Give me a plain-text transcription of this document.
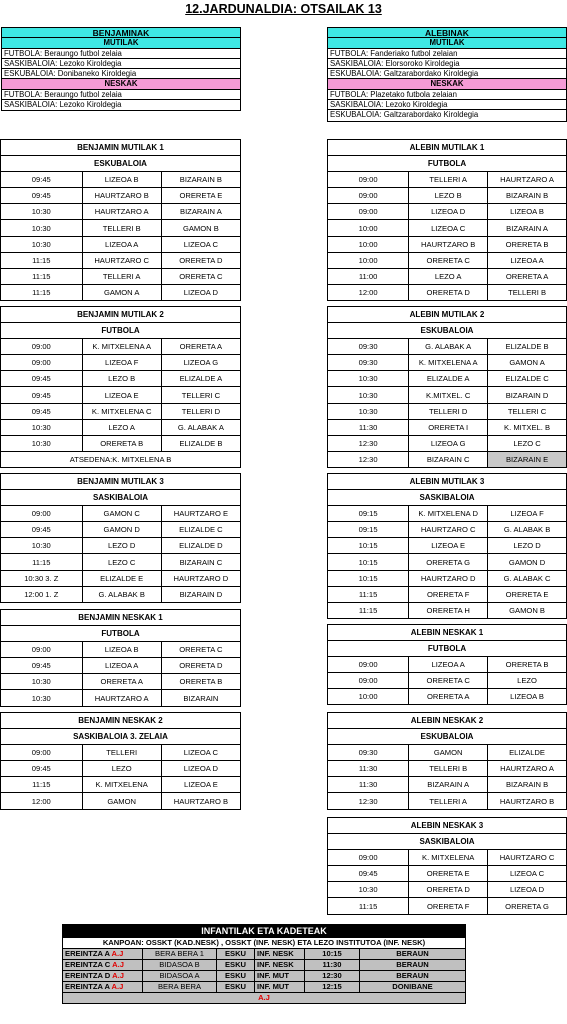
12.JARDUNALDIA: OTSAILAK 13
BENJAMINAK
MUTILAK
FUTBOLA: Beraungo futbol zelaia
SASKIBALOIA: Lezoko Kiroldegia
ESKUBALOIA: Donibaneko Kiroldegia
NESKAK
FUTBOLA: Beraungo futbol zelaia
SASKIBALOIA: Lezoko Kiroldegia
ALEBINAK
MUTILAK
FUTBOLA: Fanderiako futbol zelaian
SASKIBALOIA: Elorsoroko Kiroldegia
ESKUBALOIA: Galtzarabordako Kiroldegia
NESKAK
FUTBOLA: Plazetako futbola zelaian
SASKIBALOIA: Lezoko Kiroldegia
ESKUBALOIA: Galtzarabordako Kiroldegia
BENJAMIN MUTILAK 1		
ESKUBALOIA		
09:45	LIZEOA B	BIZARAIN B
09:45	HAURTZARO B	ORERETA E
10:30	HAURTZARO A	BIZARAIN A
10:30	TELLERI B	GAMON B
10:30	LIZEOA A	LIZEOA C
11:15	HAURTZARO C	ORERETA D
11:15	TELLERI A	ORERETA C
11:15	GAMON A	LIZEOA D
ALEBIN MUTILAK 1		
FUTBOLA		
09:00	TELLERI A	HAURTZARO A
09:00	LEZO B	BIZARAIN B
09:00	LIZEOA D	LIZEOA B
10:00	LIZEOA C	BIZARAIN A
10:00	HAURTZARO B	ORERETA B
10:00	ORERETA C	LIZEOA A
11:00	LEZO A	ORERETA A
12:00	ORERETA D	TELLERI B
BENJAMIN MUTILAK 2		
FUTBOLA		
09:00	K. MITXELENA A	ORERETA A
09:00	LIZEOA F	LIZEOA G
09:45	LEZO B	ELIZALDE A
09:45	LIZEOA E	TELLERI C
09:45	K. MITXELENA C	TELLERI D
10:30	LEZO A	G. ALABAK A
10:30	ORERETA B	ELIZALDE B
ATSEDENA:K. MITXELENA B		
ALEBIN MUTILAK 2		
ESKUBALOIA		
09:30	G. ALABAK A	ELIZALDE B
09:30	K. MITXELENA A	GAMON A
10:30	ELIZALDE A	ELIZALDE C
10:30	K.MITXEL. C	BIZARAIN D
10:30	TELLERI D	TELLERI C
11:30	ORERETA I	K. MITXEL. B
12:30	LIZEOA G	LEZO C
12:30	BIZARAIN C	BIZARAIN E
BENJAMIN MUTILAK 3		
SASKIBALOIA		
09:00	GAMON C	HAURTZARO E
09:45	GAMON D	ELIZALDE C
10:30	LEZO D	ELIZALDE D
11:15	LEZO C	BIZARAIN C
10:30 3. Z	ELIZALDE E	HAURTZARO D
12:00 1. Z	G. ALABAK B	BIZARAIN D
ALEBIN MUTILAK 3		
SASKIBALOIA		
09:15	K. MITXELENA D	LIZEOA F
09:15	HAURTZARO C	G. ALABAK B
10:15	LIZEOA E	LEZO D
10:15	ORERETA G	GAMON D
10:15	HAURTZARO D	G. ALABAK C
11:15	ORERETA F	ORERETA E
11:15	ORERETA H	GAMON B
BENJAMIN NESKAK 1		
FUTBOLA		
09:00	LIZEOA B	ORERETA C
09:45	LIZEOA A	ORERETA D
10:30	ORERETA A	ORERETA B
10:30	HAURTZARO A	BIZARAIN
ALEBIN NESKAK 1		
FUTBOLA		
09:00	LIZEOA A	ORERETA B
09:00	ORERETA C	LEZO
10:00	ORERETA A	LIZEOA B
BENJAMIN NESKAK 2		
SASKIBALOIA 3. ZELAIA		
09:00	TELLERI	LIZEOA C
09:45	LEZO	LIZEOA D
11:15	K. MITXELENA	LIZEOA E
12:00	GAMON	HAURTZARO B
ALEBIN NESKAK 2		
ESKUBALOIA		
09:30	GAMON	ELIZALDE
11:30	TELLERI B	HAURTZARO A
11:30	BIZARAIN A	BIZARAIN B
12:30	TELLERI A	HAURTZARO B
ALEBIN NESKAK 3		
SASKIBALOIA		
09:00	K. MITXELENA	HAURTZARO C
09:45	ORERETA E	LIZEOA C
10:30	ORERETA D	LIZEOA D
11:15	ORERETA F	ORERETA G
INFANTILAK ETA KADETEAK					
KANPOAN: OSSKT (KAD.NESK) , OSSKT (INF. NESK) ETA LEZO INSTITUTOA (INF. NESK)					
EREINTZA A A.J	BERA BERA 1	ESKU	INF. NESK	10:15	BERAUN
EREINTZA C A.J	BIDASOA B	ESKU	INF. NESK	11:30	BERAUN
EREINTZA D A.J	BIDASOA A	ESKU	INF. MUT	12:30	BERAUN
EREINTZA A A.J	BERA BERA	ESKU	INF. MUT	12:15	DONIBANE
A.J					
